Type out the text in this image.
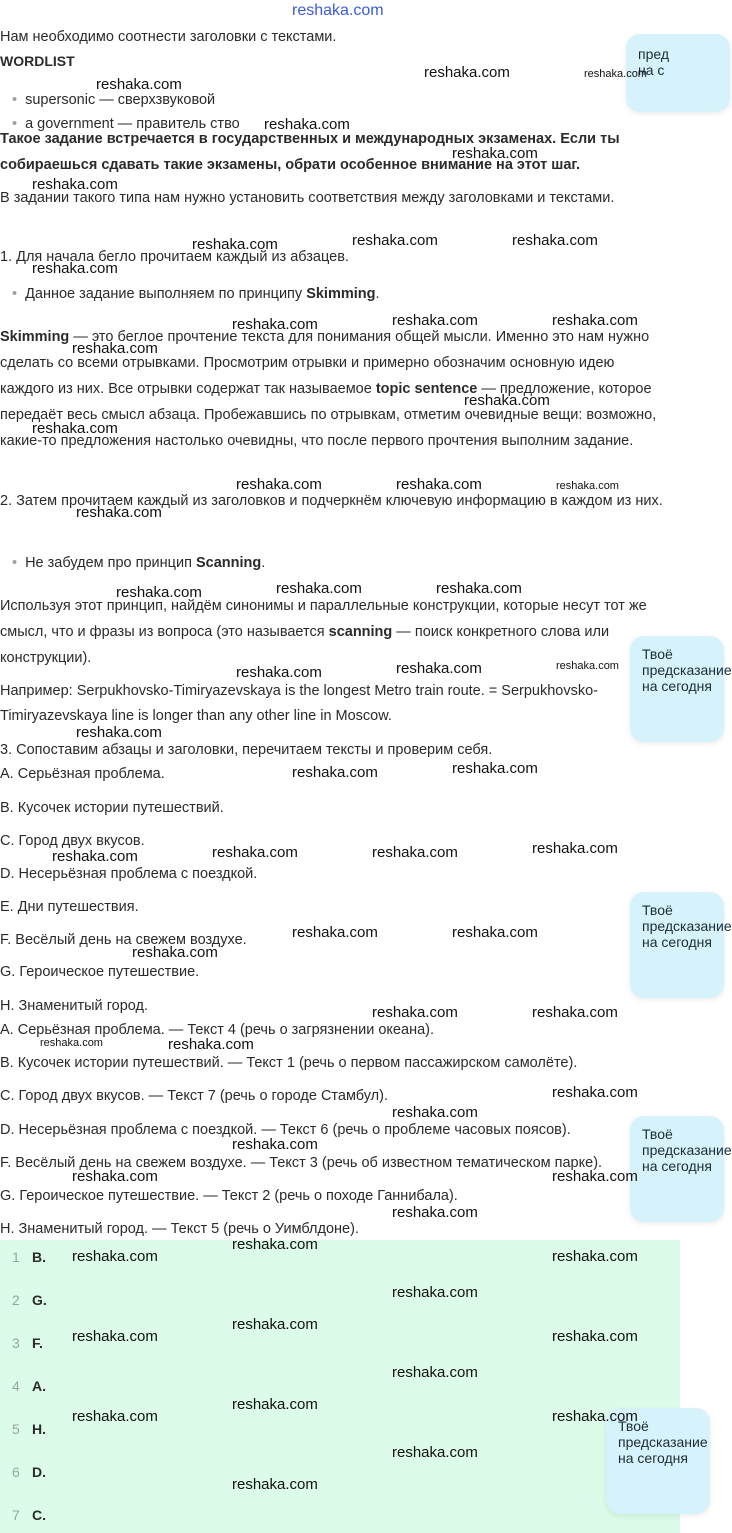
reshaka.com

Нам необходимо соотнести заголовки с текстами.

WORDLIST

• supersonic — сверхзвуковой

• a government — правитель ство

Такое задание встречается в государственных и международных экзаменах. Если ты собираешься сдавать такие экзамены, обрати особенное внимание на этот шаг.

В задании такого типа нам нужно установить соответствия между заголовками и текстами.

1. Для начала бегло прочитаем каждый из абзацев.

• Данное задание выполняем по принципу Skimming.

Skimming — это беглое прочтение текста для понимания общей мысли. Именно это нам нужно сделать со всеми отрывками. Просмотрим отрывки и примерно обозначим основную идею каждого из них. Все отрывки содержат так называемое topic sentence — предложение, которое передаёт весь смысл абзаца. Пробежавшись по отрывкам, отметим очевидные вещи: возможно, какие-то предложения настолько очевидны, что после первого прочтения выполним задание.

2. Затем прочитаем каждый из заголовков и подчеркнём ключевую информацию в каждом из них.

• Не забудем про принцип Scanning.

Используя этот принцип, найдём синонимы и параллельные конструкции, которые несут тот же смысл, что и фразы из вопроса (это называется scanning — поиск конкретного слова или конструкции).

Например: Serpukhovsko-Timiryazevskaya is the longest Metro train route. = Serpukhovsko-

Timiryazevskaya line is longer than any other line in Moscow.

3. Сопоставим абзацы и заголовки, перечитаем тексты и проверим себя.

A. Серьёзная проблема.

B. Кусочек истории путешествий.

C. Город двух вкусов.

D. Несерьёзная проблема с поездкой.

E. Дни путешествия.

F. Весёлый день на свежем воздухе.

G. Героическое путешествие.

H. Знаменитый город.

A. Серьёзная проблема. — Текст 4 (речь о загрязнении океана).

B. Кусочек истории путешествий. — Текст 1 (речь о первом пассажирском самолёте).

C. Город двух вкусов. — Текст 7 (речь о городе Стамбул).

D. Несерьёзная проблема с поездкой. — Текст 6 (речь о проблеме часовых поясов).

F. Весёлый день на свежем воздухе. — Текст 3 (речь об известном тематическом парке).

G. Героическое путешествие. — Текст 2 (речь о походе Ганнибала).

H. Знаменитый город. — Текст 5 (речь о Уимблдоне).

1 B.
2 G.
3 F.
4 A.
5 H.
6 D.
7 C.
пред
на с
Твоё
предсказание
на сегодня
Твоё
предсказание
на сегодня
Твоё
предсказание
на сегодня
Твоё
предсказание
на сегодня
reshaka.com
reshaka.com	reshaka.com
reshaka.com
reshaka.com
reshaka.com
reshaka.com	reshaka.com	reshaka.com
reshaka.com
reshaka.com	reshaka.com	reshaka.com
reshaka.com
reshaka.com
reshaka.com
reshaka.com	reshaka.com	reshaka.com
reshaka.com
reshaka.com	reshaka.com	reshaka.com
reshaka.com	reshaka.com	reshaka.com
reshaka.com
reshaka.com	reshaka.com
reshaka.com	reshaka.com	reshaka.com	reshaka.com
reshaka.com	reshaka.com
reshaka.com
reshaka.com	reshaka.com
reshaka.com	reshaka.com
reshaka.com
reshaka.com
reshaka.com
reshaka.com	reshaka.com
reshaka.com
reshaka.com
reshaka.com	reshaka.com
reshaka.com
reshaka.com
reshaka.com	reshaka.com
reshaka.com
reshaka.com
reshaka.com	reshaka.com
reshaka.com
reshaka.com
